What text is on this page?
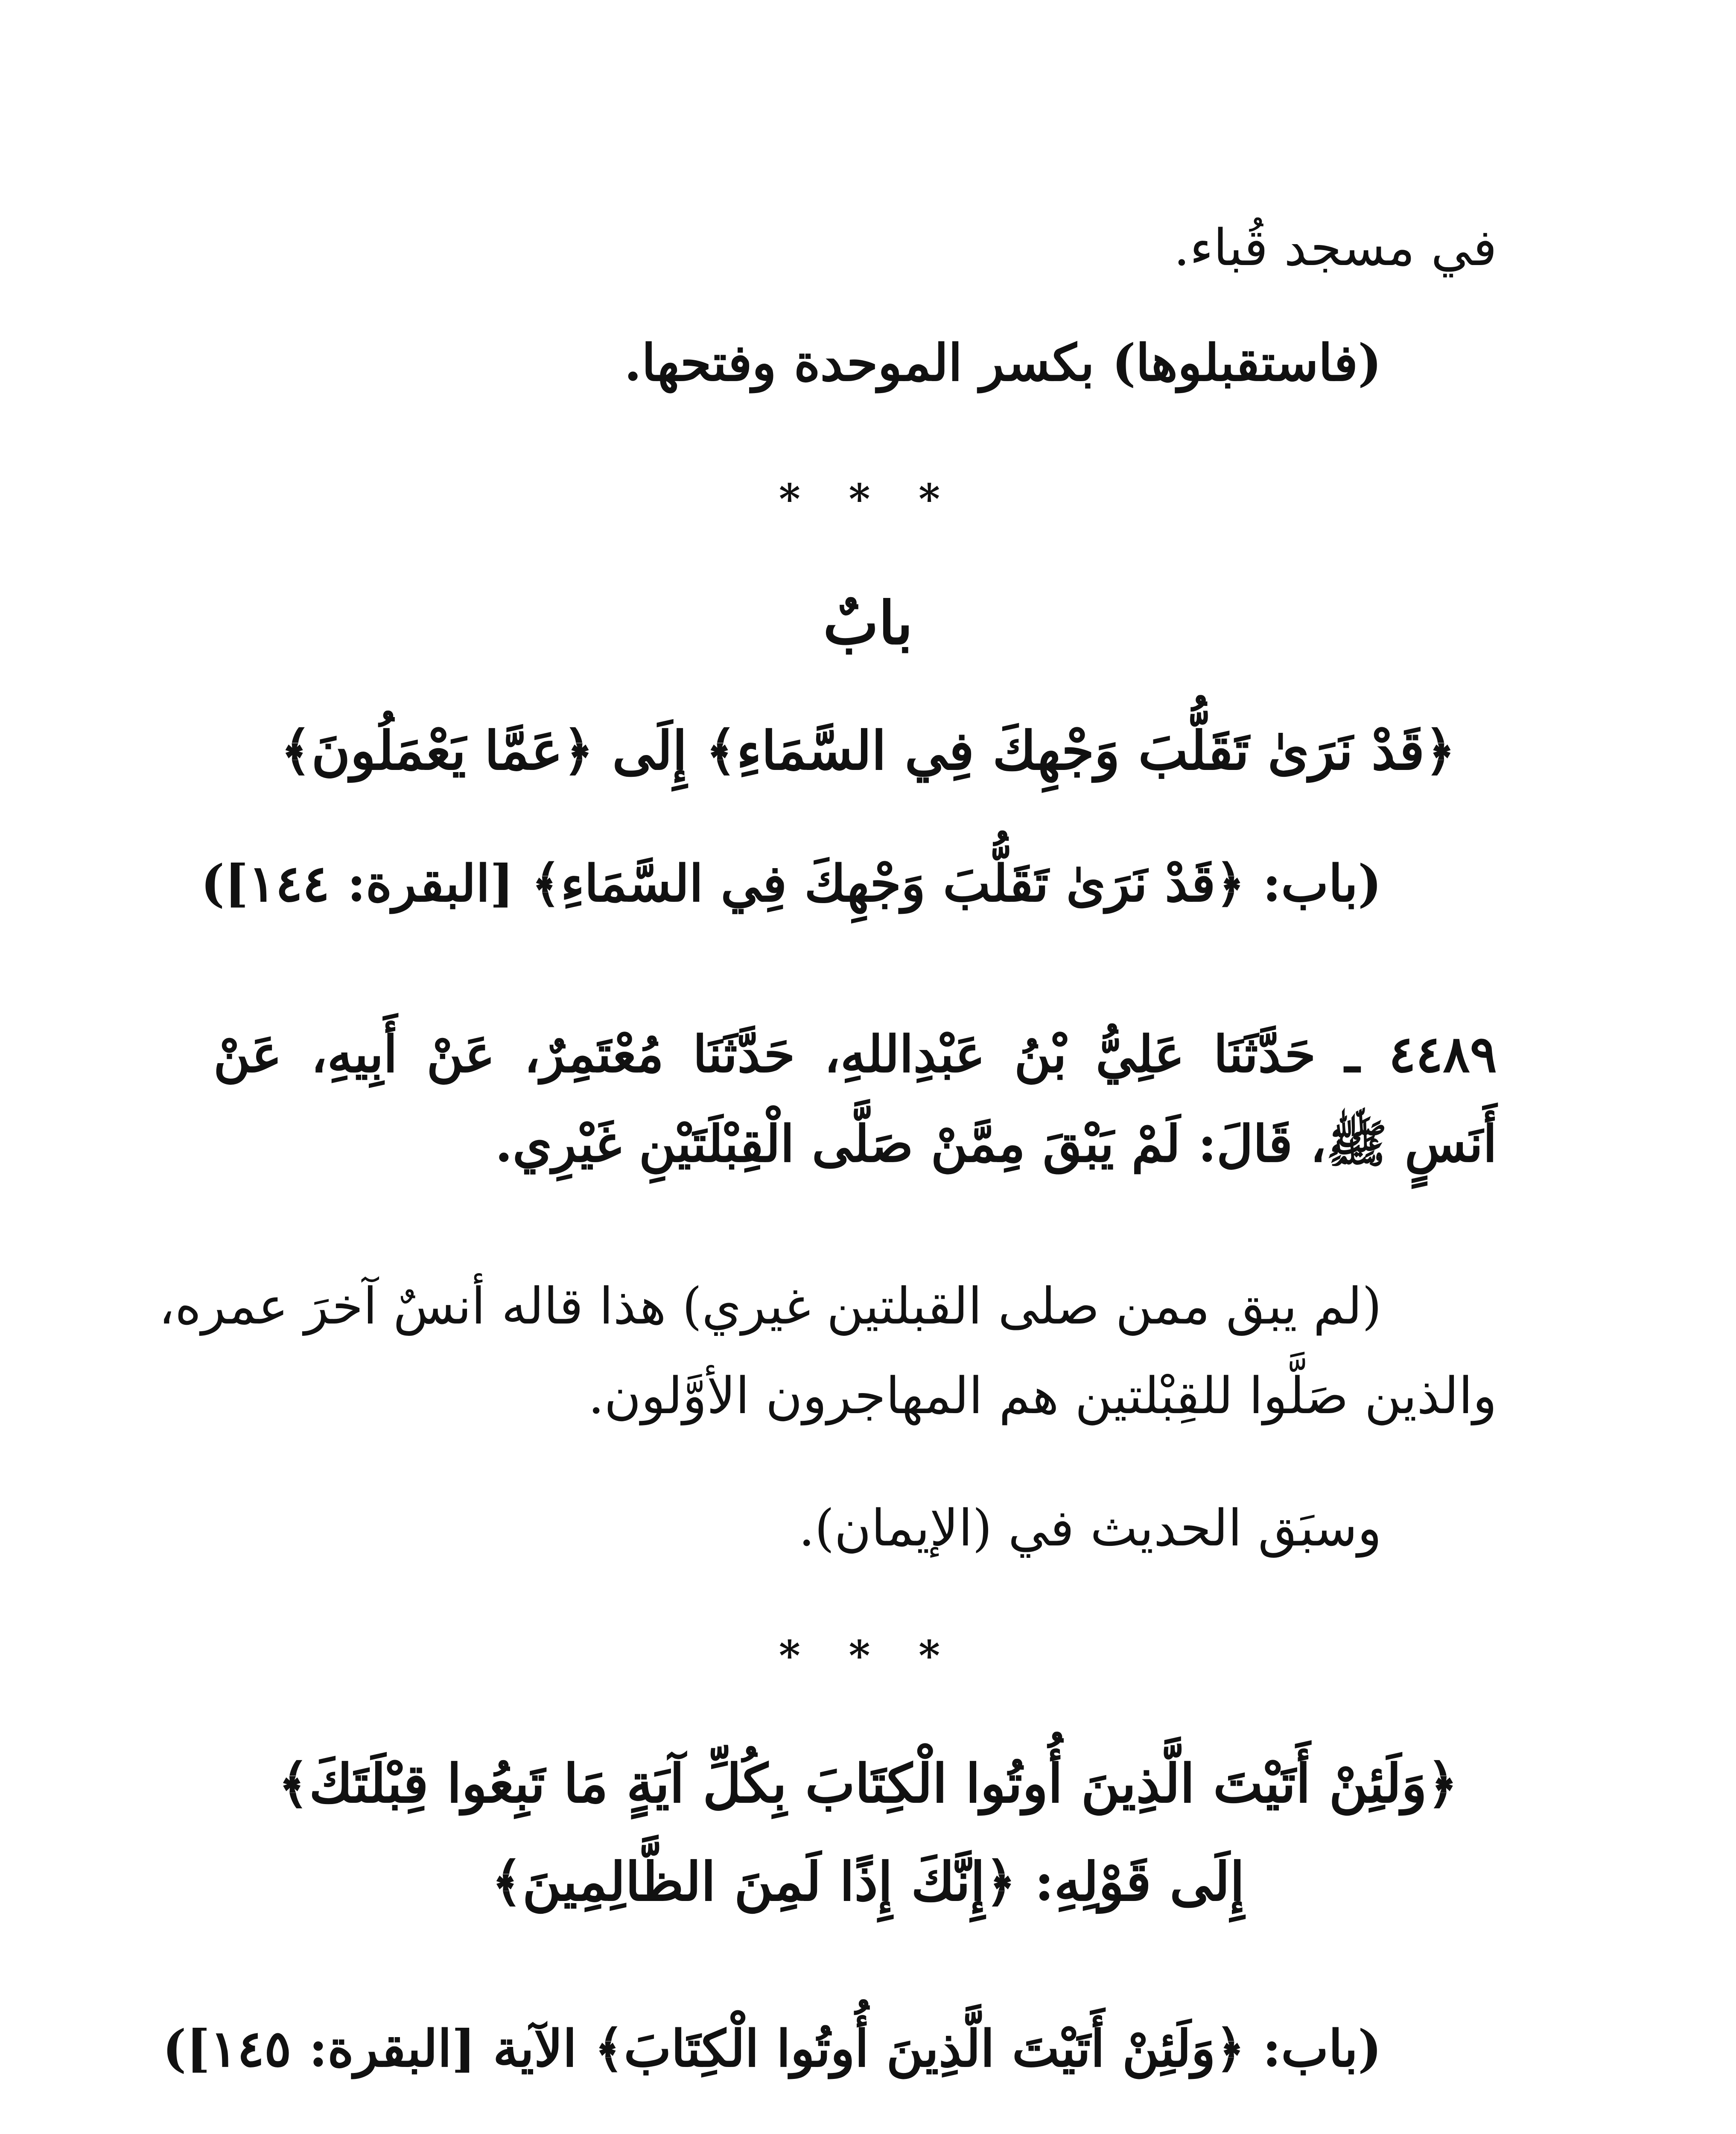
في مسجد قُباء.
(فاستقبلوها) بكسر الموحدة وفتحها.
* * *
بابٌ
﴿قَدْ نَرَىٰ تَقَلُّبَ وَجْهِكَ فِي السَّمَاءِ﴾ إِلَى ﴿عَمَّا يَعْمَلُونَ﴾
(باب: ﴿قَدْ نَرَىٰ تَقَلُّبَ وَجْهِكَ فِي السَّمَاءِ﴾ [البقرة: ١٤٤])
٤٤٨٩ ـ حَدَّثَنَا عَلِيُّ بْنُ عَبْدِاللهِ، حَدَّثَنَا مُعْتَمِرٌ، عَنْ أَبِيهِ، عَنْ
أَنَسٍ ﷺ، قَالَ: لَمْ يَبْقَ مِمَّنْ صَلَّى الْقِبْلَتَيْنِ غَيْرِي.
(لم يبق ممن صلى القبلتين غيري) هذا قاله أنسٌ آخرَ عمره،
والذين صَلَّوا للقِبْلتين هم المهاجرون الأوَّلون.
وسبَق الحديث في (الإيمان).
* * *
﴿وَلَئِنْ أَتَيْتَ الَّذِينَ أُوتُوا الْكِتَابَ بِكُلِّ آيَةٍ مَا تَبِعُوا قِبْلَتَكَ﴾
إِلَى قَوْلِهِ: ﴿إِنَّكَ إِذًا لَمِنَ الظَّالِمِينَ﴾
(باب: ﴿وَلَئِنْ أَتَيْتَ الَّذِينَ أُوتُوا الْكِتَابَ﴾ الآية [البقرة: ١٤٥])
